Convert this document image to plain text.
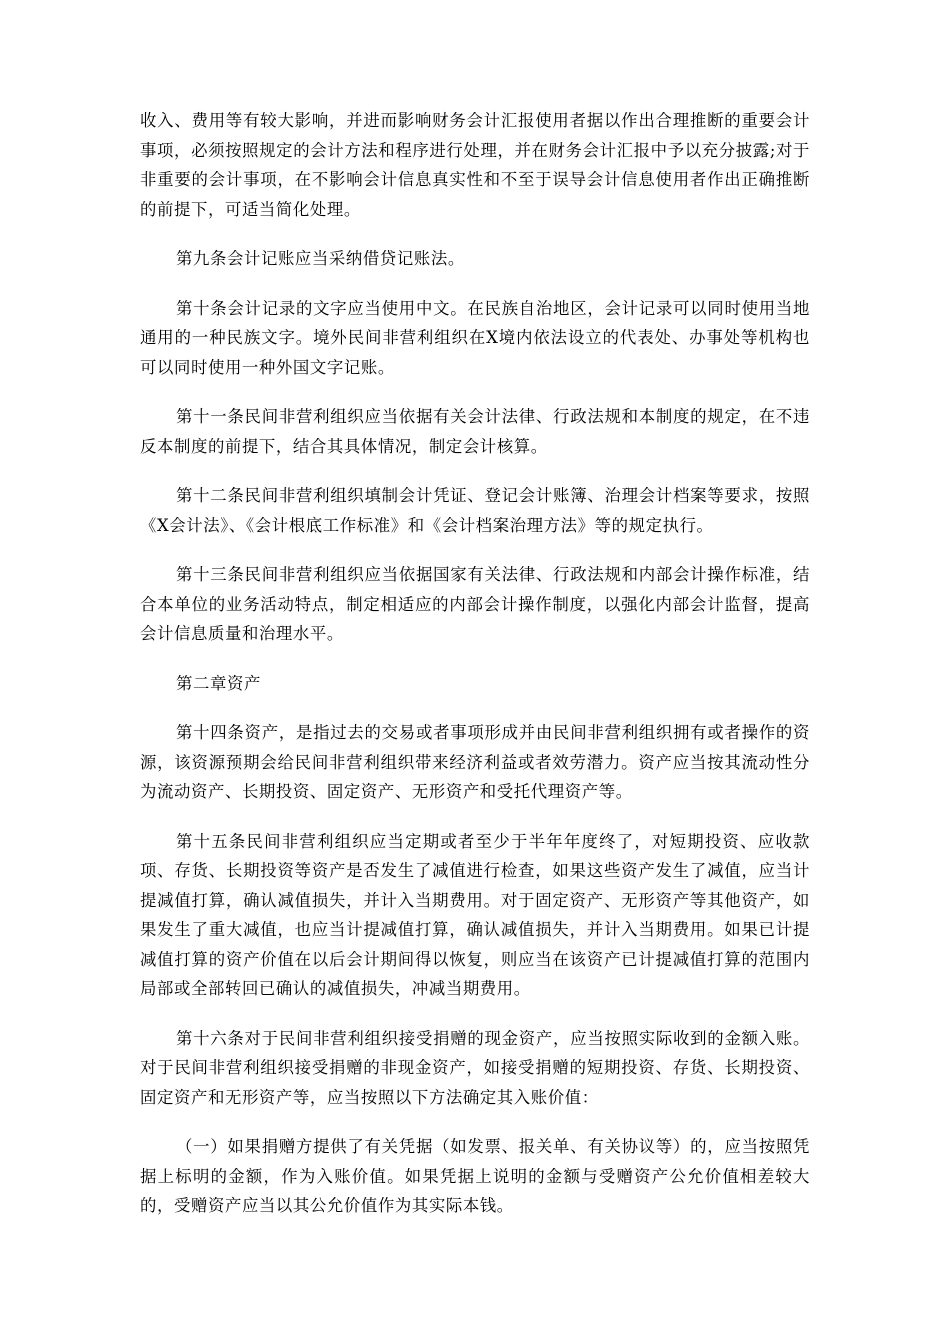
收入、费用等有较大影响，并进而影响财务会计汇报使用者据以作出合理推断的重要会计事项，必须按照规定的会计方法和程序进行处理，并在财务会计汇报中予以充分披露;对于非重要的会计事项，在不影响会计信息真实性和不至于误导会计信息使用者作出正确推断的前提下，可适当简化处理。

第九条会计记账应当采纳借贷记账法。

第十条会计记录的文字应当使用中文。在民族自治地区，会计记录可以同时使用当地通用的一种民族文字。境外民间非营利组织在X境内依法设立的代表处、办事处等机构也可以同时使用一种外国文字记账。

第十一条民间非营利组织应当依据有关会计法律、行政法规和本制度的规定，在不违反本制度的前提下，结合其具体情况，制定会计核算。

第十二条民间非营利组织填制会计凭证、登记会计账簿、治理会计档案等要求，按照《X会计法》、《会计根底工作标准》和《会计档案治理方法》等的规定执行。

第十三条民间非营利组织应当依据国家有关法律、行政法规和内部会计操作标准，结合本单位的业务活动特点，制定相适应的内部会计操作制度，以强化内部会计监督，提高会计信息质量和治理水平。

第二章资产

第十四条资产，是指过去的交易或者事项形成并由民间非营利组织拥有或者操作的资源，该资源预期会给民间非营利组织带来经济利益或者效劳潜力。资产应当按其流动性分为流动资产、长期投资、固定资产、无形资产和受托代理资产等。

第十五条民间非营利组织应当定期或者至少于半年年度终了，对短期投资、应收款项、存货、长期投资等资产是否发生了减值进行检查，如果这些资产发生了减值，应当计提减值打算，确认减值损失，并计入当期费用。对于固定资产、无形资产等其他资产，如果发生了重大减值，也应当计提减值打算，确认减值损失，并计入当期费用。如果已计提减值打算的资产价值在以后会计期间得以恢复，则应当在该资产已计提减值打算的范围内局部或全部转回已确认的减值损失，冲减当期费用。

第十六条对于民间非营利组织接受捐赠的现金资产，应当按照实际收到的金额入账。对于民间非营利组织接受捐赠的非现金资产，如接受捐赠的短期投资、存货、长期投资、固定资产和无形资产等，应当按照以下方法确定其入账价值：

（一）如果捐赠方提供了有关凭据（如发票、报关单、有关协议等）的，应当按照凭据上标明的金额，作为入账价值。如果凭据上说明的金额与受赠资产公允价值相差较大的，受赠资产应当以其公允价值作为其实际本钱。
